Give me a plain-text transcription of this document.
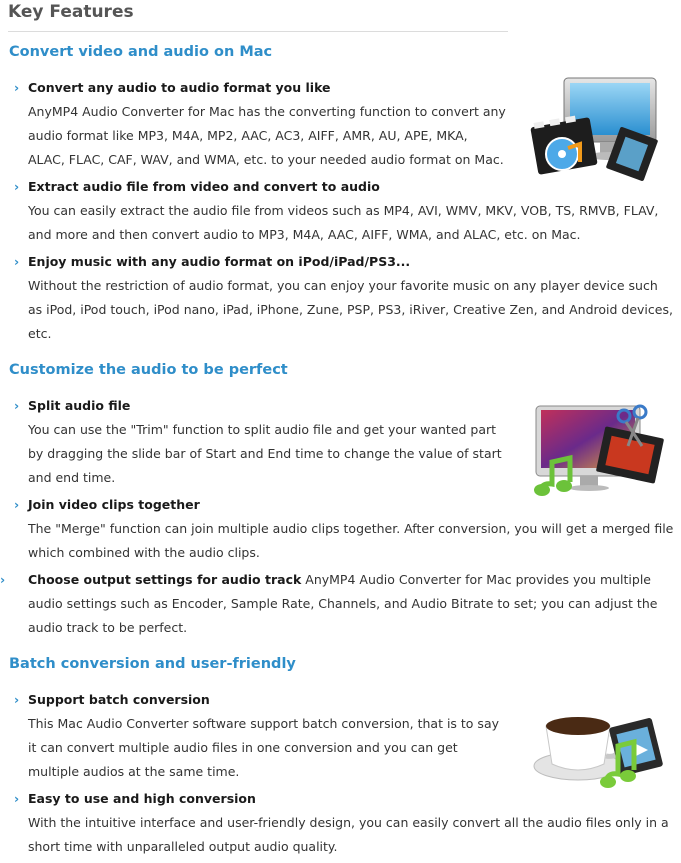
Key Features
Convert video and audio on Mac
› Convert any audio to audio format you like
AnyMP4 Audio Converter for Mac has the converting function to convert any audio format like MP3, M4A, MP2, AAC, AC3, AIFF, AMR, AU, APE, MKA, ALAC, FLAC, CAF, WAV, and WMA, etc. to your needed audio format on Mac.
› Extract audio file from video and convert to audio
You can easily extract the audio file from videos such as MP4, AVI, WMV, MKV, VOB, TS, RMVB, FLAV, and more and then convert audio to MP3, M4A, AAC, AIFF, WMA, and ALAC, etc. on Mac.
› Enjoy music with any audio format on iPod/iPad/PS3...
Without the restriction of audio format, you can enjoy your favorite music on any player device such as iPod, iPod touch, iPod nano, iPad, iPhone, Zune, PSP, PS3, iRiver, Creative Zen, and Android devices, etc.
Customize the audio to be perfect
› Split audio file
You can use the "Trim" function to split audio file and get your wanted part by dragging the slide bar of Start and End time to change the value of start and end time.
› Join video clips together
The "Merge" function can join multiple audio clips together. After conversion, you will get a merged file which combined with the audio clips.
› Choose output settings for audio track AnyMP4 Audio Converter for Mac provides you multiple audio settings such as Encoder, Sample Rate, Channels, and Audio Bitrate to set; you can adjust the audio track to be perfect.
Batch conversion and user-friendly
› Support batch conversion
This Mac Audio Converter software support batch conversion, that is to say it can convert multiple audio files in one conversion and you can get multiple audios at the same time.
› Easy to use and high conversion
With the intuitive interface and user-friendly design, you can easily convert all the audio files only in a short time with unparalleled output audio quality.
